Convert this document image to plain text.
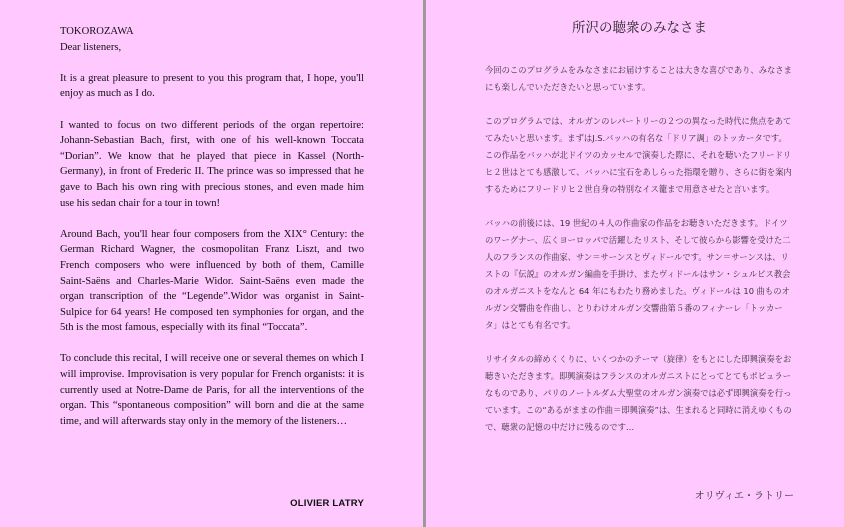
TOKOROZAWA

Dear listeners,

It is a great pleasure to present to you this program that, I hope, you'll enjoy as much as I do.

I wanted to focus on two different periods of the organ repertoire: Johann-Sebastian Bach, first, with one of his well-known Toccata “Dorian”. We know that he played that piece in Kassel (North-Germany), in front of Frederic II. The prince was so impressed that he gave to Bach his own ring with precious stones, and even made him use his sedan chair for a tour in town!

Around Bach, you'll hear four composers from the XIX° Century: the German Richard Wagner, the cosmopolitan Franz Liszt, and two French composers who were influenced by both of them, Camille Saint-Saëns and Charles-Marie Widor. Saint-Saëns even made the organ transcription of the “Legende”.Widor was organist in Saint-Sulpice for 64 years! He composed ten symphonies for organ, and the 5th is the most famous, especially with its final “Toccata”.

To conclude this recital, I will receive one or several themes on which I will improvise. Improvisation is very popular for French organists: it is currently used at Notre-Dame de Paris, for all the interventions of the organ. This “spontaneous composition” will born and die at the same time, and will afterwards stay only in the memory of the listeners…

OLIVIER LATRY
所沢の聴衆のみなさま

今回のこのプログラムをみなさまにお届けすることは大きな喜びであり、みなさまにも楽しんでいただきたいと思っています。

このプログラムでは、オルガンのレパートリーの２つの異なった時代に焦点をあててみたいと思います。まずはJ.S.バッハの有名な「ドリア調」のトッカータです。この作品をバッハが北ドイツのカッセルで演奏した際に、それを聴いたフリードリヒ２世はとても感激して、バッハに宝石をあしらった指環を贈り、さらに街を案内するためにフリードリヒ２世自身の特別なイス籠まで用意させたと言います。

バッハの前後には、19 世紀の４人の作曲家の作品をお聴きいただきます。ドイツのワーグナー、広くヨーロッパで活躍したリスト、そして彼らから影響を受けた二人のフランスの作曲家、サン＝サーンスとヴィドールです。サン＝サーンスは、リストの『伝説』のオルガン編曲を手掛け、またヴィドールはサン・シュルピス教会のオルガニストをなんと 64 年にもわたり務めました。ヴィドールは 10 曲ものオルガン交響曲を作曲し、とりわけオルガン交響曲第５番のフィナーレ「トッカータ」はとても有名です。

リサイタルの締めくくりに、いくつかのテーマ（旋律）をもとにした即興演奏をお聴きいただきます。即興演奏はフランスのオルガニストにとってとてもポピュラーなものであり、パリのノートルダム大聖堂のオルガン演奏では必ず即興演奏を行っています。この“あるがままの作曲＝即興演奏”は、生まれると同時に消えゆくもので、聴衆の記憶の中だけに残るのです…

オリヴィエ・ラトリー
